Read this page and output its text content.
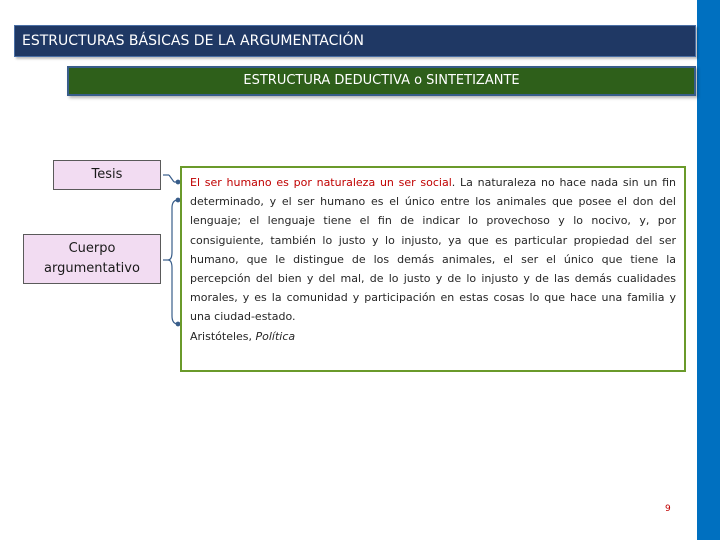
ESTRUCTURAS BÁSICAS DE LA ARGUMENTACIÓN
ESTRUCTURA DEDUCTIVA o SINTETIZANTE
Tesis
Cuerpo
argumentativo

El ser humano es por naturaleza un ser social. La naturaleza no hace nada sin un fin determinado, y el ser humano es el único entre los animales que posee el don del lenguaje; el lenguaje tiene el fin de indicar lo provechoso y lo nocivo, y, por consiguiente, también lo justo y lo injusto, ya que es particular propiedad del ser humano, que le distingue de los demás animales, el ser el único que tiene la percepción del bien y del mal, de lo justo y de lo injusto y de las demás cualidades morales, y es la comunidad y participación en estas cosas lo que hace una familia y una ciudad-estado.

Aristóteles, Política

9
